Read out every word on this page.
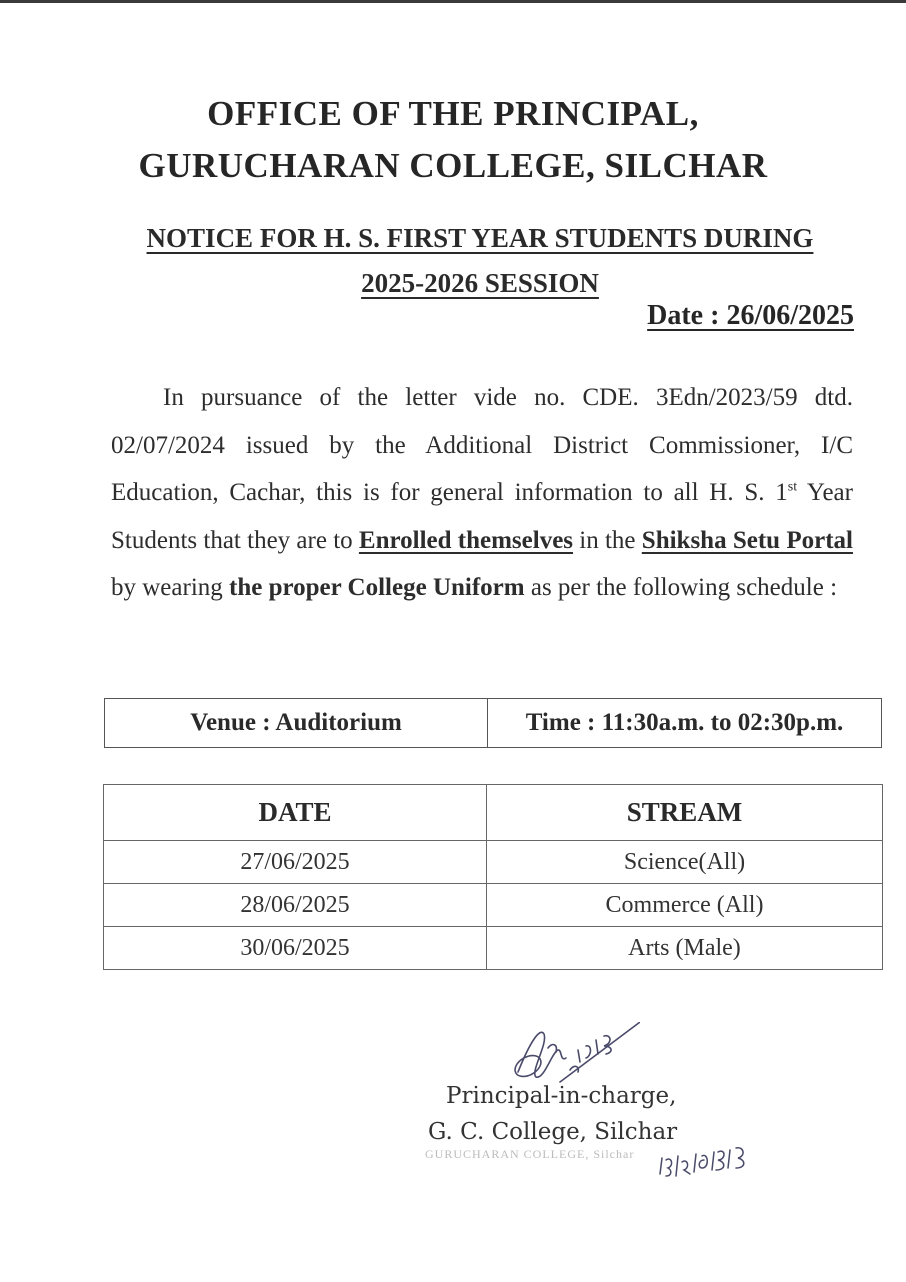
OFFICE OF THE PRINCIPAL,
GURUCHARAN COLLEGE, SILCHAR
NOTICE FOR H. S. FIRST YEAR STUDENTS DURING
2025-2026 SESSION
Date : 26/06/2025
In pursuance of the letter vide no. CDE. 3Edn/2023/59 dtd. 02/07/2024 issued by the Additional District Commissioner, I/C Education, Cachar, this is for general information to all H. S. 1st Year Students that they are to Enrolled themselves in the Shiksha Setu Portal by wearing the proper College Uniform as per the following schedule :
Venue : Auditorium	Time : 11:30a.m. to 02:30p.m.
DATE	STREAM
27/06/2025	Science(All)
28/06/2025	Commerce (All)
30/06/2025	Arts (Male)
Principal-in-charge,
G. C. College, Silchar
GURUCHARAN COLLEGE, Silchar
